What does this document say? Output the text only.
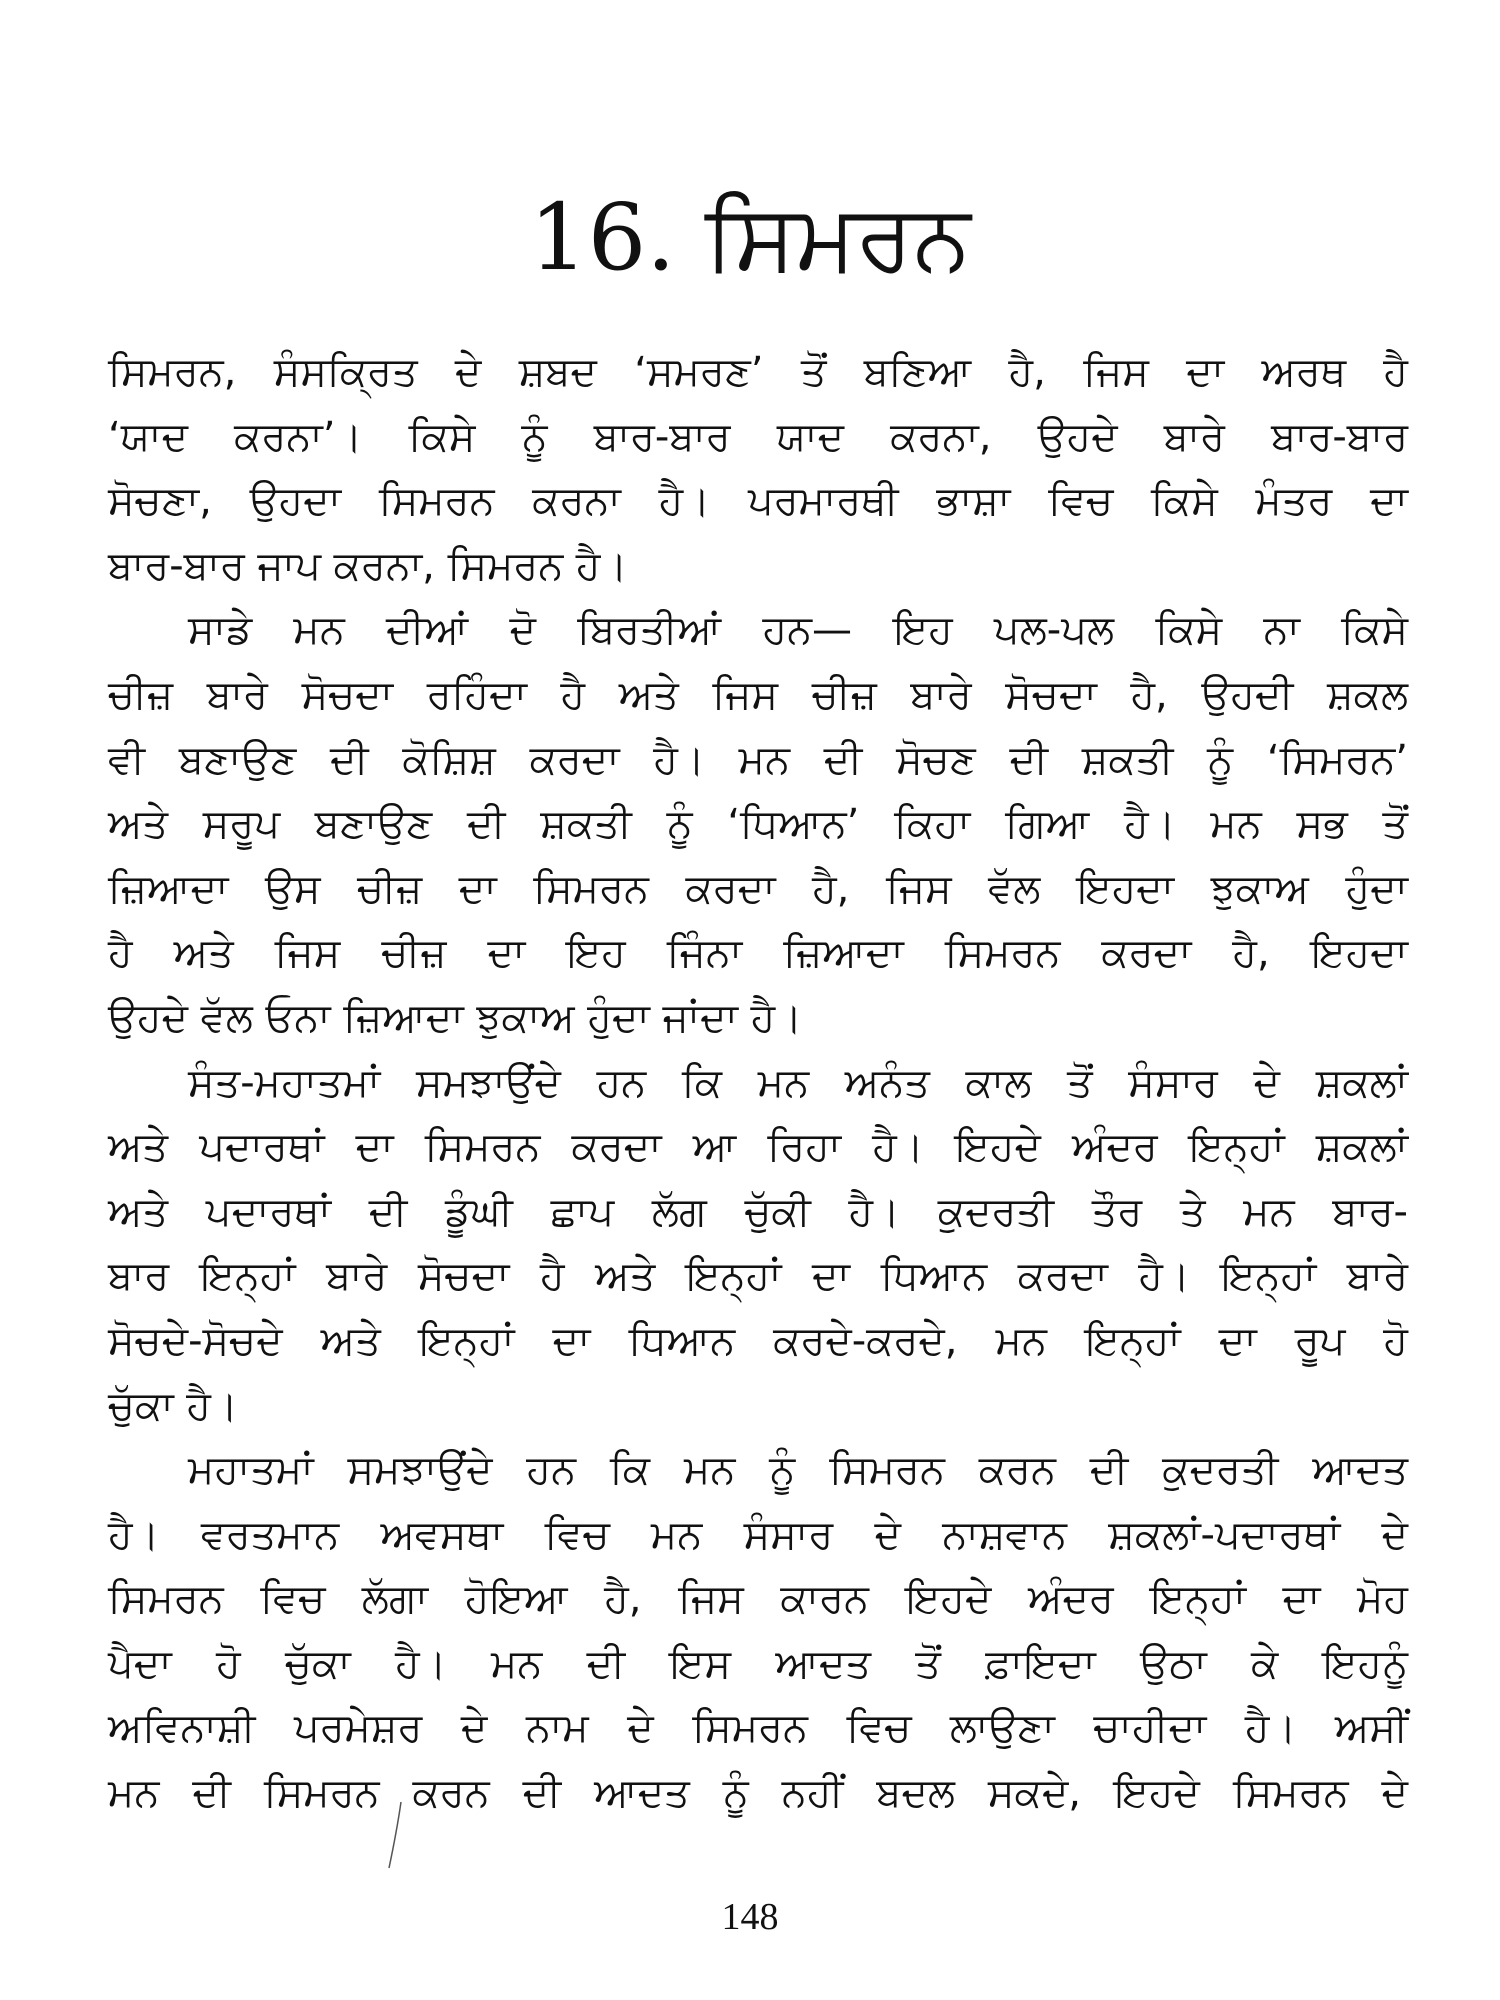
16. ਸਿਮਰਨ

ਸਿਮਰਨ, ਸੰਸਕ੍ਰਿਤ ਦੇ ਸ਼ਬਦ ‘ਸਮਰਣ’ ਤੋਂ ਬਣਿਆ ਹੈ, ਜਿਸ ਦਾ ਅਰਥ ਹੈ
‘ਯਾਦ ਕਰਨਾ’। ਕਿਸੇ ਨੂੰ ਬਾਰ-ਬਾਰ ਯਾਦ ਕਰਨਾ, ਉਹਦੇ ਬਾਰੇ ਬਾਰ-ਬਾਰ
ਸੋਚਣਾ, ਉਹਦਾ ਸਿਮਰਨ ਕਰਨਾ ਹੈ। ਪਰਮਾਰਥੀ ਭਾਸ਼ਾ ਵਿਚ ਕਿਸੇ ਮੰਤਰ ਦਾ
ਬਾਰ-ਬਾਰ ਜਾਪ ਕਰਨਾ, ਸਿਮਰਨ ਹੈ।

ਸਾਡੇ ਮਨ ਦੀਆਂ ਦੋ ਬਿਰਤੀਆਂ ਹਨ— ਇਹ ਪਲ-ਪਲ ਕਿਸੇ ਨਾ ਕਿਸੇ
ਚੀਜ਼ ਬਾਰੇ ਸੋਚਦਾ ਰਹਿੰਦਾ ਹੈ ਅਤੇ ਜਿਸ ਚੀਜ਼ ਬਾਰੇ ਸੋਚਦਾ ਹੈ, ਉਹਦੀ ਸ਼ਕਲ
ਵੀ ਬਣਾਉਣ ਦੀ ਕੋਸ਼ਿਸ਼ ਕਰਦਾ ਹੈ। ਮਨ ਦੀ ਸੋਚਣ ਦੀ ਸ਼ਕਤੀ ਨੂੰ ‘ਸਿਮਰਨ’
ਅਤੇ ਸਰੂਪ ਬਣਾਉਣ ਦੀ ਸ਼ਕਤੀ ਨੂੰ ‘ਧਿਆਨ’ ਕਿਹਾ ਗਿਆ ਹੈ। ਮਨ ਸਭ ਤੋਂ
ਜ਼ਿਆਦਾ ਉਸ ਚੀਜ਼ ਦਾ ਸਿਮਰਨ ਕਰਦਾ ਹੈ, ਜਿਸ ਵੱਲ ਇਹਦਾ ਝੁਕਾਅ ਹੁੰਦਾ
ਹੈ ਅਤੇ ਜਿਸ ਚੀਜ਼ ਦਾ ਇਹ ਜਿੰਨਾ ਜ਼ਿਆਦਾ ਸਿਮਰਨ ਕਰਦਾ ਹੈ, ਇਹਦਾ
ਉਹਦੇ ਵੱਲ ਓਨਾ ਜ਼ਿਆਦਾ ਝੁਕਾਅ ਹੁੰਦਾ ਜਾਂਦਾ ਹੈ।

ਸੰਤ-ਮਹਾਤਮਾਂ ਸਮਝਾਉਂਦੇ ਹਨ ਕਿ ਮਨ ਅਨੰਤ ਕਾਲ ਤੋਂ ਸੰਸਾਰ ਦੇ ਸ਼ਕਲਾਂ
ਅਤੇ ਪਦਾਰਥਾਂ ਦਾ ਸਿਮਰਨ ਕਰਦਾ ਆ ਰਿਹਾ ਹੈ। ਇਹਦੇ ਅੰਦਰ ਇਨ੍ਹਾਂ ਸ਼ਕਲਾਂ
ਅਤੇ ਪਦਾਰਥਾਂ ਦੀ ਡੂੰਘੀ ਛਾਪ ਲੱਗ ਚੁੱਕੀ ਹੈ। ਕੁਦਰਤੀ ਤੌਰ ਤੇ ਮਨ ਬਾਰ-
ਬਾਰ ਇਨ੍ਹਾਂ ਬਾਰੇ ਸੋਚਦਾ ਹੈ ਅਤੇ ਇਨ੍ਹਾਂ ਦਾ ਧਿਆਨ ਕਰਦਾ ਹੈ। ਇਨ੍ਹਾਂ ਬਾਰੇ
ਸੋਚਦੇ-ਸੋਚਦੇ ਅਤੇ ਇਨ੍ਹਾਂ ਦਾ ਧਿਆਨ ਕਰਦੇ-ਕਰਦੇ, ਮਨ ਇਨ੍ਹਾਂ ਦਾ ਰੂਪ ਹੋ
ਚੁੱਕਾ ਹੈ।

ਮਹਾਤਮਾਂ ਸਮਝਾਉਂਦੇ ਹਨ ਕਿ ਮਨ ਨੂੰ ਸਿਮਰਨ ਕਰਨ ਦੀ ਕੁਦਰਤੀ ਆਦਤ
ਹੈ। ਵਰਤਮਾਨ ਅਵਸਥਾ ਵਿਚ ਮਨ ਸੰਸਾਰ ਦੇ ਨਾਸ਼ਵਾਨ ਸ਼ਕਲਾਂ-ਪਦਾਰਥਾਂ ਦੇ
ਸਿਮਰਨ ਵਿਚ ਲੱਗਾ ਹੋਇਆ ਹੈ, ਜਿਸ ਕਾਰਨ ਇਹਦੇ ਅੰਦਰ ਇਨ੍ਹਾਂ ਦਾ ਮੋਹ
ਪੈਦਾ ਹੋ ਚੁੱਕਾ ਹੈ। ਮਨ ਦੀ ਇਸ ਆਦਤ ਤੋਂ ਫ਼ਾਇਦਾ ਉਠਾ ਕੇ ਇਹਨੂੰ
ਅਵਿਨਾਸ਼ੀ ਪਰਮੇਸ਼ਰ ਦੇ ਨਾਮ ਦੇ ਸਿਮਰਨ ਵਿਚ ਲਾਉਣਾ ਚਾਹੀਦਾ ਹੈ। ਅਸੀਂ
ਮਨ ਦੀ ਸਿਮਰਨ ਕਰਨ ਦੀ ਆਦਤ ਨੂੰ ਨਹੀਂ ਬਦਲ ਸਕਦੇ, ਇਹਦੇ ਸਿਮਰਨ ਦੇ

148
